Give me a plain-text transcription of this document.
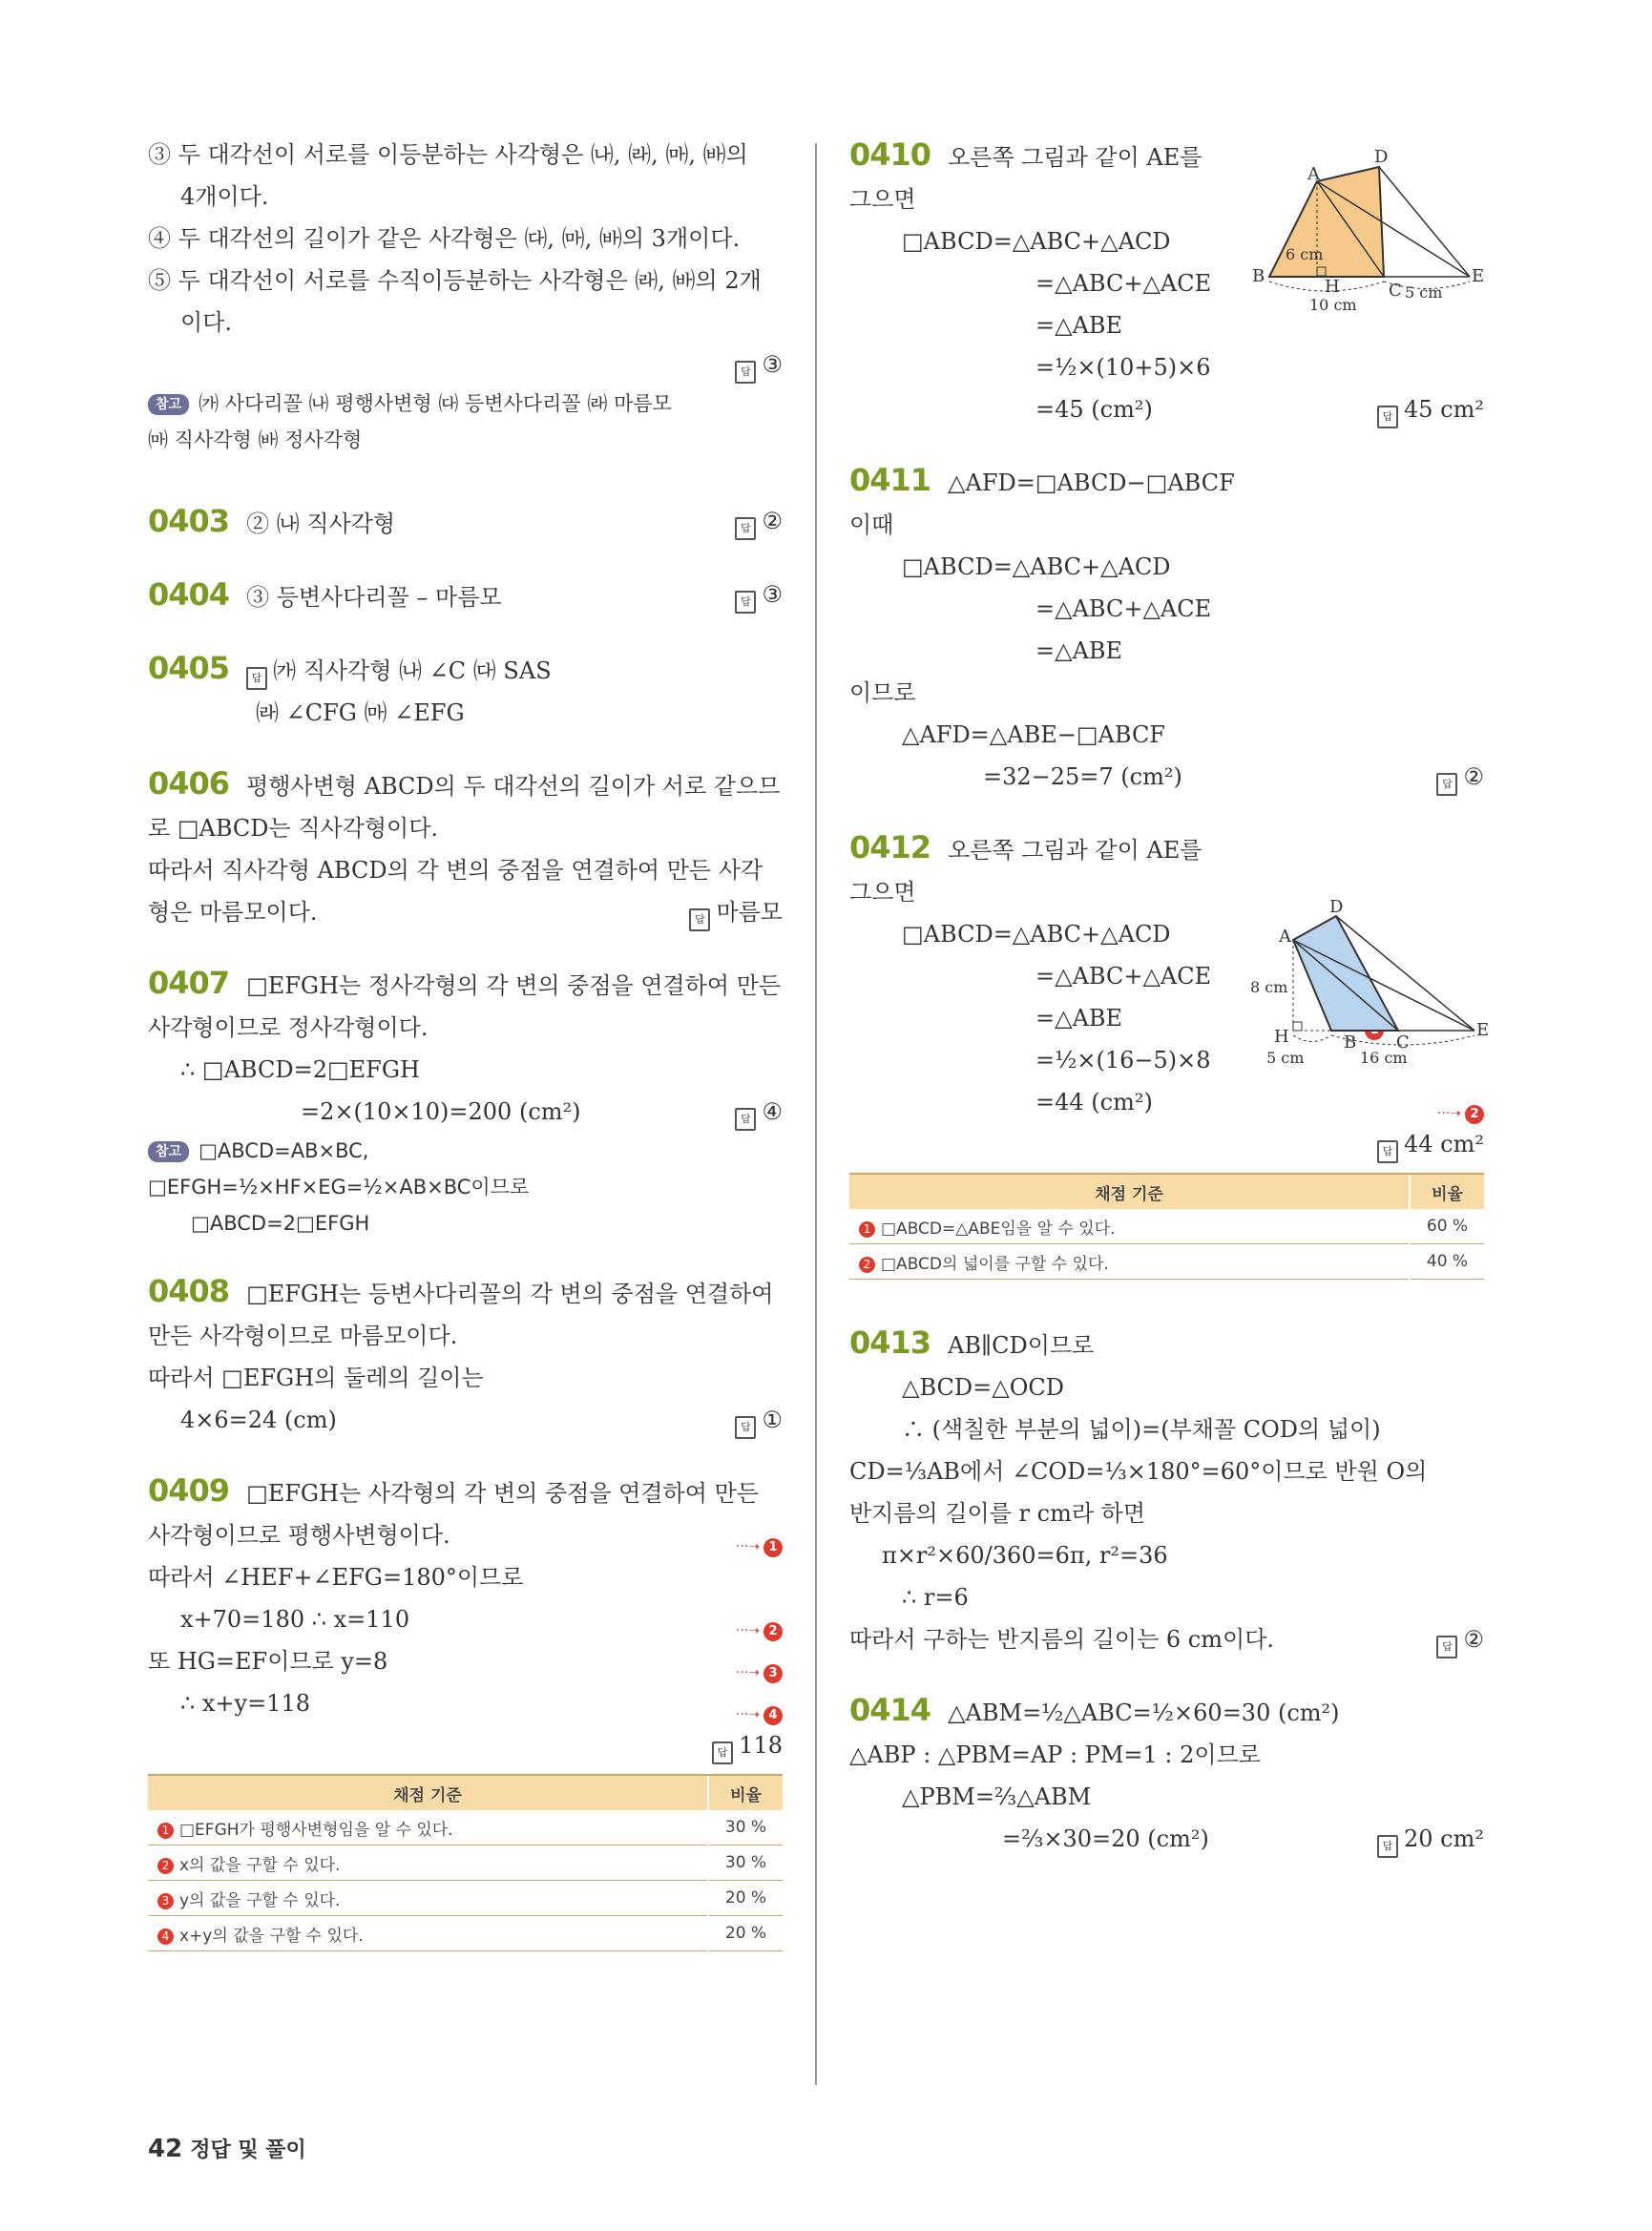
③ 두 대각선이 서로를 이등분하는 사각형은 ㈏, ㈑, ㈒, ㈓의
4개이다.
④ 두 대각선의 길이가 같은 사각형은 ㈐, ㈒, ㈓의 3개이다.
⑤ 두 대각선이 서로를 수직이등분하는 사각형은 ㈑, ㈓의 2개
이다.

답 ③
참고 ㈎ 사다리꼴 ㈏ 평행사변형 ㈐ 등변사다리꼴 ㈑ 마름모
㈒ 직사각형 ㈓ 정사각형
0403 ② ㈏ 직사각형	답 ②
0404 ③ 등변사다리꼴 – 마름모	답 ③
0405 답 ㈎ 직사각형 ㈏ ∠C ㈐ SAS
㈑ ∠CFG ㈒ ∠EFG
0406 평행사변형 ABCD의 두 대각선의 길이가 서로 같으므
로 □ABCD는 직사각형이다.
따라서 직사각형 ABCD의 각 변의 중점을 연결하여 만든 사각
형은 마름모이다.	답 마름모
0407 □EFGH는 정사각형의 각 변의 중점을 연결하여 만든
사각형이므로 정사각형이다.
∴ □ABCD=2□EFGH
=2×(10×10)=200 (cm²)	답 ④
참고 □ABCD=AB×BC,
□EFGH=½×HF×EG=½×AB×BC이므로
□ABCD=2□EFGH
0408 □EFGH는 등변사다리꼴의 각 변의 중점을 연결하여
만든 사각형이므로 마름모이다.
따라서 □EFGH의 둘레의 길이는
4×6=24 (cm)	답 ①
0409 □EFGH는 사각형의 각 변의 중점을 연결하여 만든
사각형이므로 평행사변형이다.	···➝ 1
따라서 ∠HEF+∠EFG=180°이므로
x+70=180 ∴ x=110	···➝ 2
또 HG=EF이므로 y=8	···➝ 3
∴ x+y=118	···➝ 4

답 118
채점 기준	비율
1 □EFGH가 평행사변형임을 알 수 있다.	30 %
2 x의 값을 구할 수 있다.	30 %
3 y의 값을 구할 수 있다.	20 %
4 x+y의 값을 구할 수 있다.	20 %
0410 오른쪽 그림과 같이 AE를
그으면
□ABCD=△ABC+△ACD
=△ABC+△ACE
=△ABE
=½×(10+5)×6
=45 (cm²)	답 45 cm²
0411 △AFD=□ABCD−□ABCF
이때
□ABCD=△ABC+△ACD
=△ABC+△ACE
=△ABE
이므로
△AFD=△ABE−□ABCF
=32−25=7 (cm²)	답 ②
0412 오른쪽 그림과 같이 AE를
그으면
□ABCD=△ABC+△ACD
=△ABC+△ACE
=△ABE
=½×(16−5)×8
=44 (cm²)	···➝ 2

답 44 cm²
채점 기준	비율
1 □ABCD=△ABE임을 알 수 있다.	60 %
2 □ABCD의 넓이를 구할 수 있다.	40 %
0413 AB∥CD이므로
△BCD=△OCD
∴ (색칠한 부분의 넓이)=(부채꼴 COD의 넓이)
CD=⅓AB에서 ∠COD=⅓×180°=60°이므로 반원 O의
반지름의 길이를 r cm라 하면
π×r²×60/360=6π, r²=36
∴ r=6
따라서 구하는 반지름의 길이는 6 cm이다.	답 ②
0414 △ABM=½△ABC=½×60=30 (cm²)
△ABP : △PBM=AP : PM=1 : 2이므로
△PBM=⅔△ABM
=⅔×30=20 (cm²)	답 20 cm²
A
D
B
H	C
E
6 cm
10 cm
5 cm
D
A
8 cm
H	B C
E
5 cm	16 cm
42 정답 및 풀이
